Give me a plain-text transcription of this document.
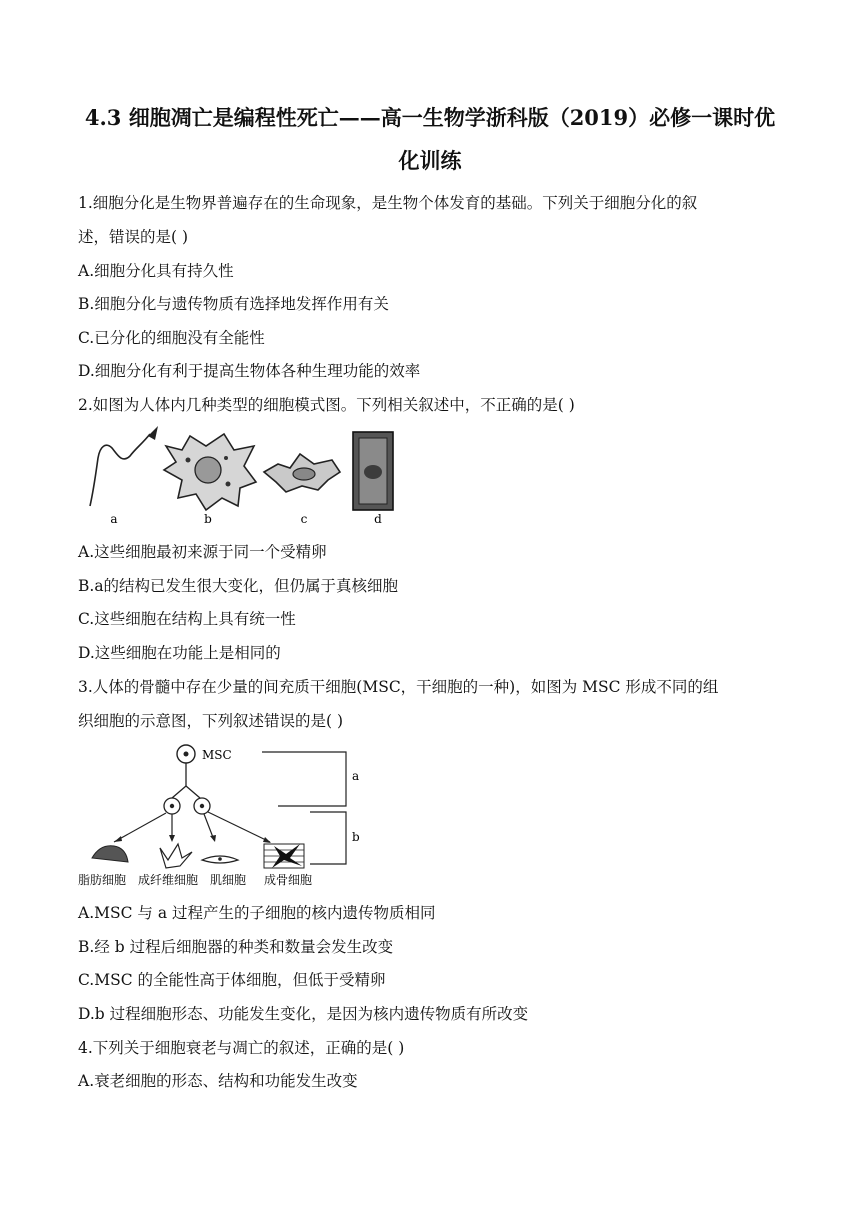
4.3 细胞凋亡是编程性死亡——高一生物学浙科版（2019）必修一课时优
化训练
1.细胞分化是生物界普遍存在的生命现象，是生物个体发育的基础。下列关于细胞分化的叙
述，错误的是( )
A.细胞分化具有持久性
B.细胞分化与遗传物质有选择地发挥作用有关
C.已分化的细胞没有全能性
D.细胞分化有利于提高生物体各种生理功能的效率
2.如图为人体内几种类型的细胞模式图。下列相关叙述中，不正确的是( )
a	b	c	d
A.这些细胞最初来源于同一个受精卵
B.a的结构已发生很大变化，但仍属于真核细胞
C.这些细胞在结构上具有统一性
D.这些细胞在功能上是相同的
3.人体的骨髓中存在少量的间充质干细胞(MSC，干细胞的一种)，如图为 MSC 形成不同的组
织细胞的示意图，下列叙述错误的是( )
MSC
a
b
脂肪细胞 成纤维细胞 肌细胞 成骨细胞
A.MSC 与 a 过程产生的子细胞的核内遗传物质相同
B.经 b 过程后细胞器的种类和数量会发生改变
C.MSC 的全能性高于体细胞，但低于受精卵
D.b 过程细胞形态、功能发生变化，是因为核内遗传物质有所改变
4.下列关于细胞衰老与凋亡的叙述，正确的是( )
A.衰老细胞的形态、结构和功能发生改变
